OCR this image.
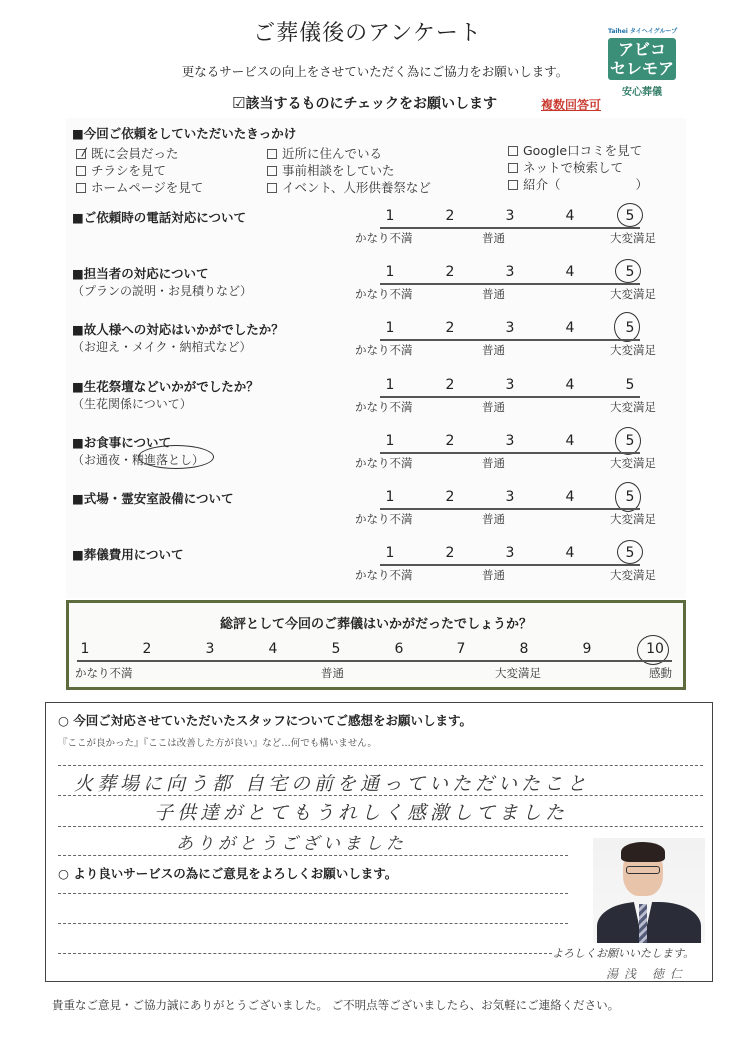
ご葬儀後のアンケート
更なるサービスの向上をさせていただく為にご協力をお願いします。
☑該当するものにチェックをお願いします	複数回答可
Taihei タイヘイグループ
アビコ
セレモア
安心葬儀
■今回ご依頼をしていただいたきっかけ
既に会員だった
チラシを見て
ホームページを見て
近所に住んでいる
事前相談をしていた
イベント、人形供養祭など
Google口コミを見て
ネットで検索して
紹介（　　　　　　）
■ご依頼時の電話対応について	1	2	3	4	5
かなり不満	普通	大変満足
■担当者の対応について
（プランの説明・お見積りなど）
1	2	3	4	5
かなり不満	普通	大変満足
■故人様への対応はいかがでしたか？
（お迎え・メイク・納棺式など）
1	2	3	4	5
かなり不満	普通	大変満足
■生花祭壇などいかがでしたか？
（生花関係について）
1	2	3	4	5
かなり不満	普通	大変満足
■お食事について
（お通夜・精進落とし）
1	2	3	4	5
かなり不満	普通	大変満足
■式場・霊安室設備について	1	2	3	4	5
かなり不満	普通	大変満足
■葬儀費用について	1	2	3	4	5
かなり不満	普通	大変満足
総評として今回のご葬儀はいかがだったでしょうか？
1	2	3	4	5	6	7	8	9	10
かなり不満	普通	大変満足	感動
○ 今回ご対応させていただいたスタッフについてご感想をお願いします。
『ここが良かった』『ここは改善した方が良い』など…何でも構いません。
火葬場に向う都 自宅の前を通っていただいたこと
子供達がとてもうれしく感激してました
ありがとうございました
○ より良いサービスの為にご意見をよろしくお願いします。
よろしくお願いいたします。
湯浅 徳仁
貴重なご意見・ご協力誠にありがとうございました。 ご不明点等ございましたら、お気軽にご連絡ください。
